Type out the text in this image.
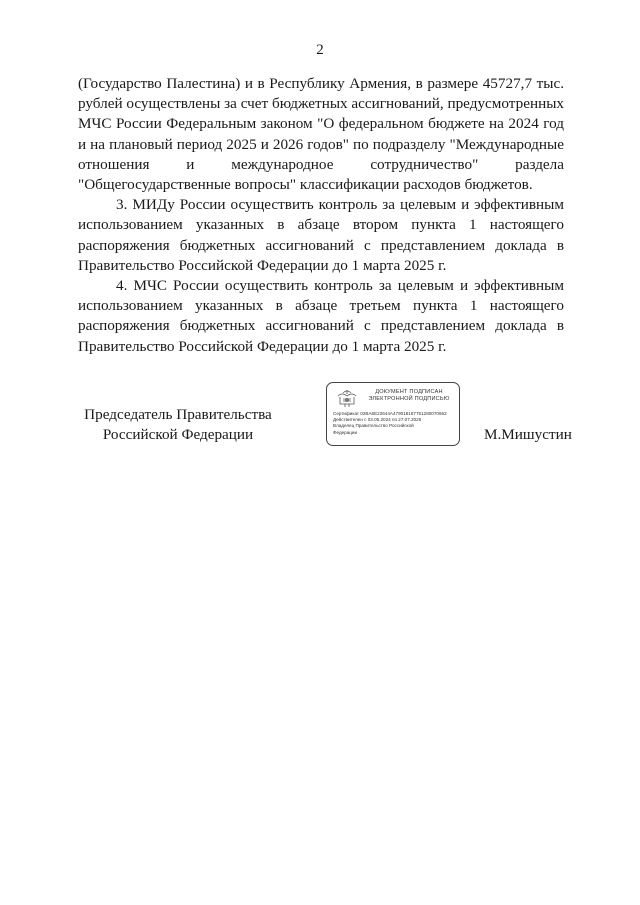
2

(Государство Палестина) и в Республику Армения, в размере 45727,7 тыс. рублей осуществлены за счет бюджетных ассигнований, предусмотренных МЧС России Федеральным законом "О федеральном бюджете на 2024 год и на плановый период 2025 и 2026 годов" по подразделу "Международные отношения и международное сотрудничество" раздела "Общегосударственные вопросы" классификации расходов бюджетов.

3. МИДу России осуществить контроль за целевым и эффективным использованием указанных в абзаце втором пункта 1 настоящего распоряжения бюджетных ассигнований с представлением доклада в Правительство Российской Федерации до 1 марта 2025 г.

4. МЧС России осуществить контроль за целевым и эффективным использованием указанных в абзаце третьем пункта 1 настоящего распоряжения бюджетных ассигнований с представлением доклада в Правительство Российской Федерации до 1 марта 2025 г.

Председатель Правительства
Российской Федерации
ДОКУМЕНТ ПОДПИСАН
ЭЛЕКТРОННОЙ ПОДПИСЬЮ
Сертификат 02BA6E22644A479018187761280070662
Действителен с 03.05.2024 по 27.07.2025
Владелец Правительство Российской
Федерации	М.Мишустин
